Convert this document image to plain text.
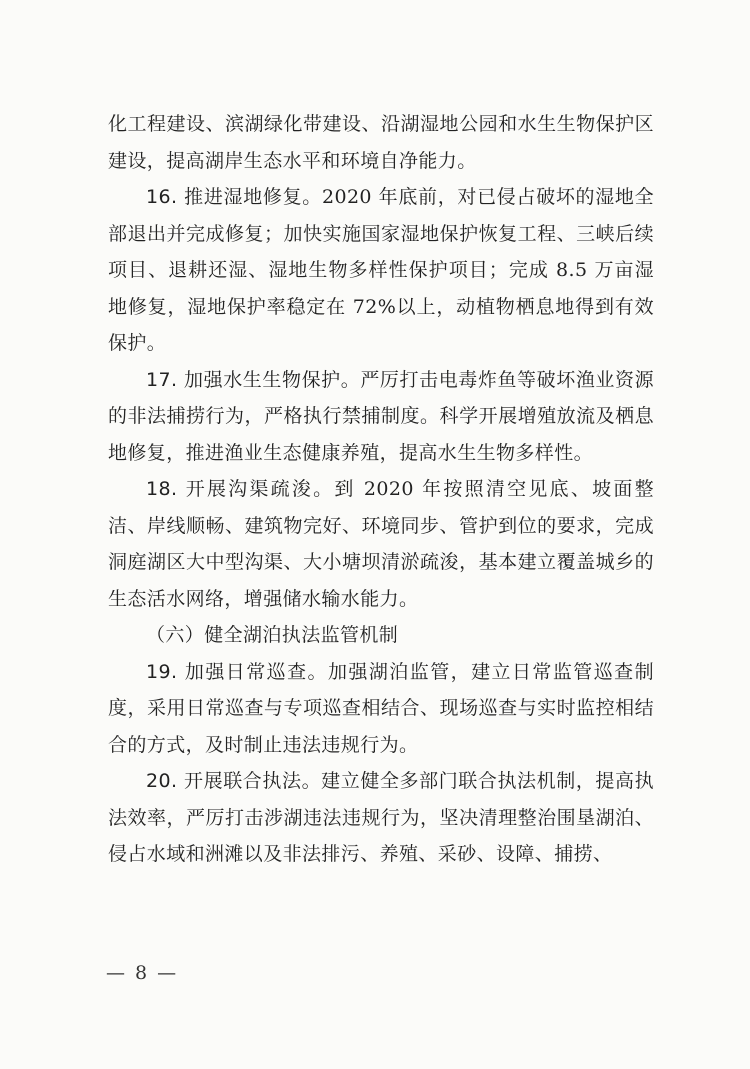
化工程建设、滨湖绿化带建设、沿湖湿地公园和水生生物保护区建设，提高湖岸生态水平和环境自净能力。

16. 推进湿地修复。2020 年底前，对已侵占破坏的湿地全部退出并完成修复；加快实施国家湿地保护恢复工程、三峡后续项目、退耕还湿、湿地生物多样性保护项目；完成 8.5 万亩湿地修复，湿地保护率稳定在 72%以上，动植物栖息地得到有效保护。

17. 加强水生生物保护。严厉打击电毒炸鱼等破坏渔业资源的非法捕捞行为，严格执行禁捕制度。科学开展增殖放流及栖息地修复，推进渔业生态健康养殖，提高水生生物多样性。

18. 开展沟渠疏浚。到 2020 年按照清空见底、坡面整洁、岸线顺畅、建筑物完好、环境同步、管护到位的要求，完成洞庭湖区大中型沟渠、大小塘坝清淤疏浚，基本建立覆盖城乡的生态活水网络，增强储水输水能力。

（六）健全湖泊执法监管机制

19. 加强日常巡查。加强湖泊监管，建立日常监管巡查制度，采用日常巡查与专项巡查相结合、现场巡查与实时监控相结合的方式，及时制止违法违规行为。

20. 开展联合执法。建立健全多部门联合执法机制，提高执法效率，严厉打击涉湖违法违规行为，坚决清理整治围垦湖泊、侵占水域和洲滩以及非法排污、养殖、采砂、设障、捕捞、

— 8 —
